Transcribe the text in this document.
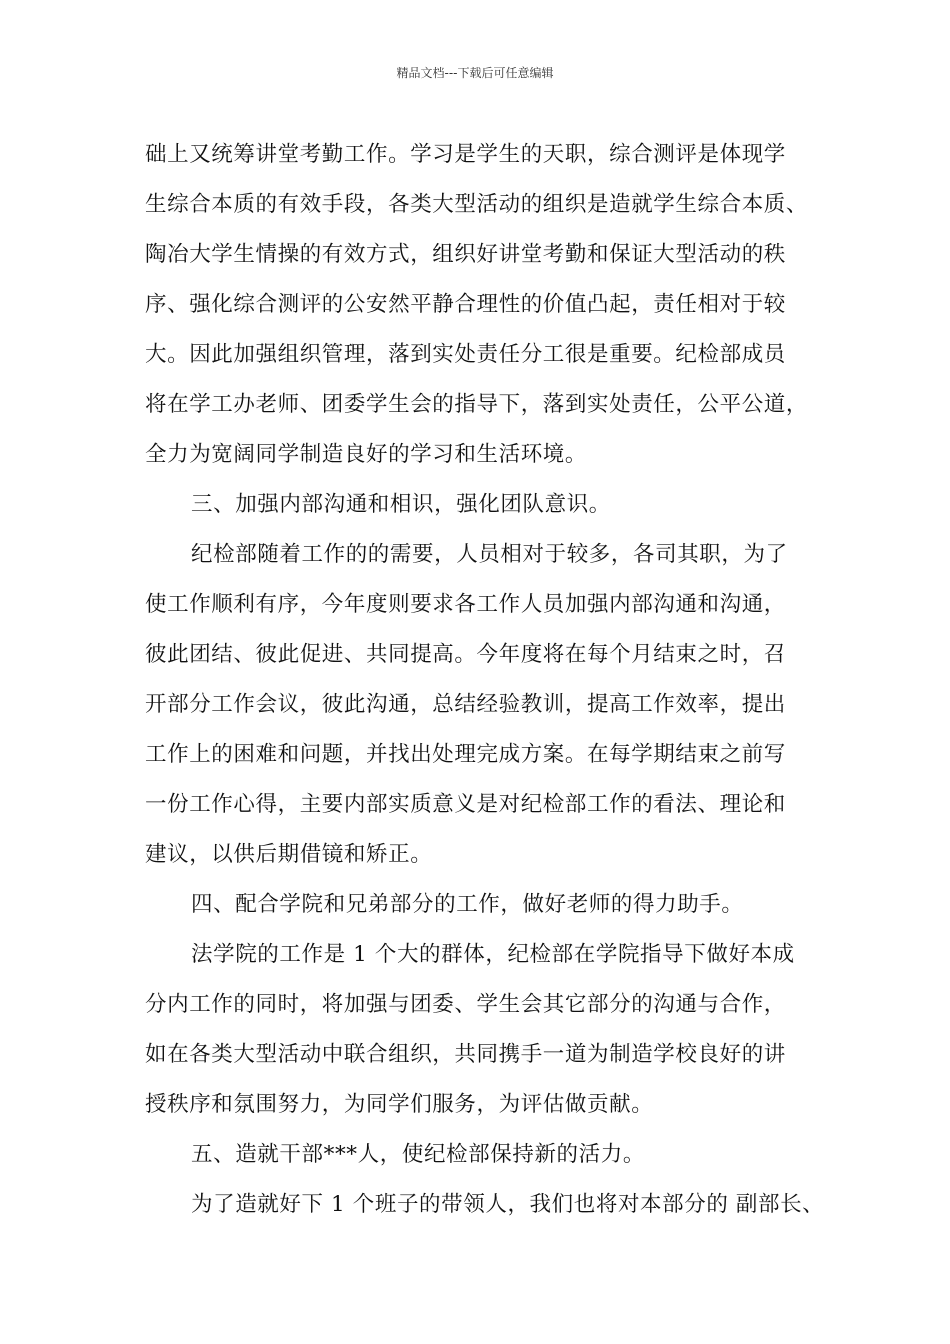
精品文档---下载后可任意编辑
础上又统筹讲堂考勤工作。学习是学生的天职，综合测评是体现学
生综合本质的有效手段，各类大型活动的组织是造就学生综合本质、
陶冶大学生情操的有效方式，组织好讲堂考勤和保证大型活动的秩
序、强化综合测评的公安然平静合理性的价值凸起，责任相对于较
大。因此加强组织管理，落到实处责任分工很是重要。纪检部成员
将在学工办老师、团委学生会的指导下，落到实处责任，公平公道，
全力为宽阔同学制造良好的学习和生活环境。
三、加强内部沟通和相识，强化团队意识。
纪检部随着工作的的需要，人员相对于较多，各司其职，为了
使工作顺利有序，今年度则要求各工作人员加强内部沟通和沟通，
彼此团结、彼此促进、共同提高。今年度将在每个月结束之时，召
开部分工作会议，彼此沟通，总结经验教训，提高工作效率，提出
工作上的困难和问题，并找出处理完成方案。在每学期结束之前写
一份工作心得，主要内部实质意义是对纪检部工作的看法、理论和
建议，以供后期借镜和矫正。
四、配合学院和兄弟部分的工作，做好老师的得力助手。
法学院的工作是 1 个大的群体，纪检部在学院指导下做好本成
分内工作的同时，将加强与团委、学生会其它部分的沟通与合作，
如在各类大型活动中联合组织，共同携手一道为制造学校良好的讲
授秩序和氛围努力，为同学们服务，为评估做贡献。
五、造就干部***人，使纪检部保持新的活力。
为了造就好下 1 个班子的带领人，我们也将对本部分的 副部长、
